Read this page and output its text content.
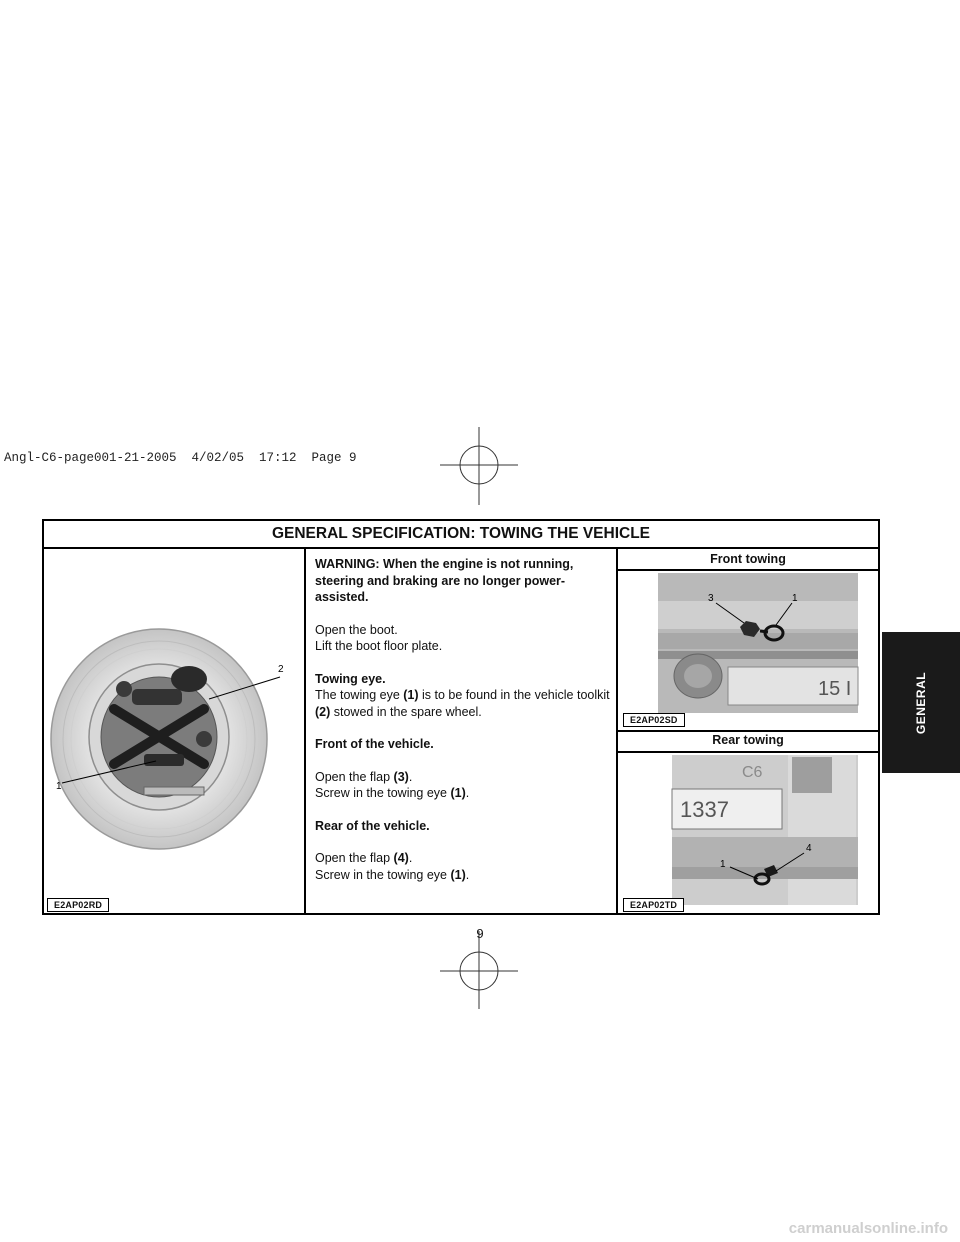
Angl-C6-page001-21-2005  4/02/05  17:12  Page 9
GENERAL SPECIFICATION: TOWING THE VEHICLE
1
2
E2AP02RD

WARNING: When the engine is not running, steering and braking are no longer power-assisted.

Open the boot.
Lift the boot floor plate.

Towing eye.
The towing eye (1) is to be found in the vehicle toolkit (2) stowed in the spare wheel.

Front of the vehicle.

Open the flap (3).
Screw in the towing eye (1).

Rear of the vehicle.

Open the flap (4).
Screw in the towing eye (1).

Front towing
15 I
3	1
E2AP02SD
Rear towing
1337
C6
1
4
E2AP02TD
GENERAL
9
carmanualsonline.info
